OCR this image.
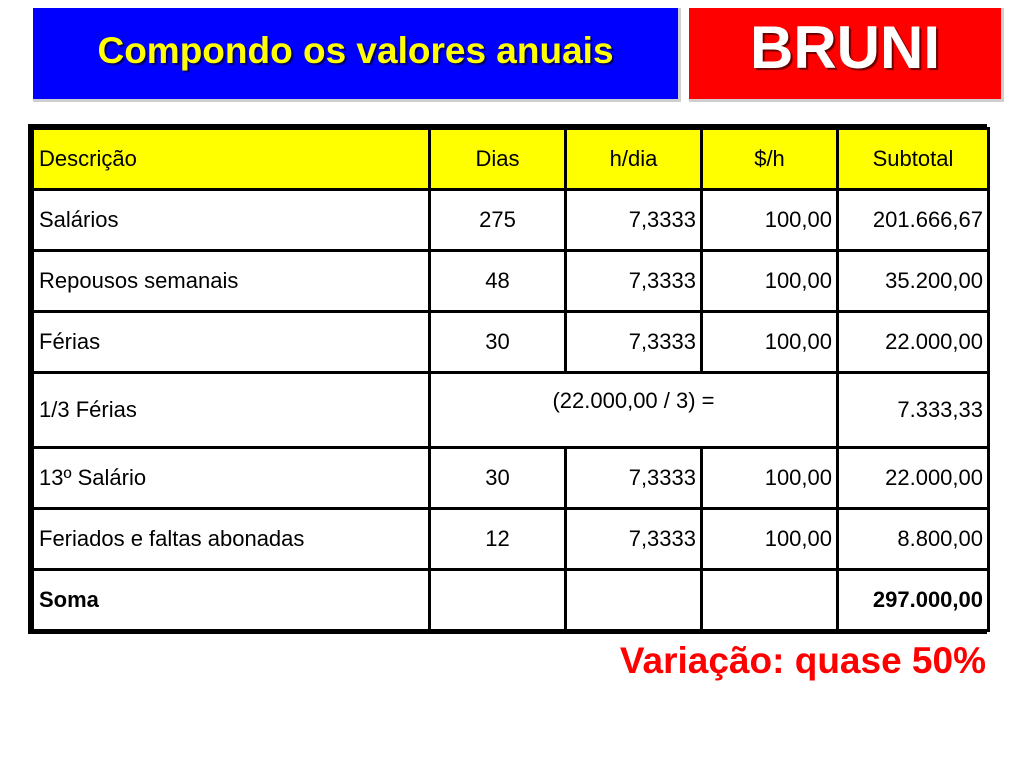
Compondo os valores anuais BRUNI
Descrição	Dias	h/dia	$/h	Subtotal
Salários	275	7,3333	100,00	201.666,67
Repousos semanais	48	7,3333	100,00	35.200,00
Férias	30	7,3333	100,00	22.000,00
1/3 Férias	(22.000,00 / 3) =			7.333,33
13º Salário	30	7,3333	100,00	22.000,00
Feriados e faltas abonadas	12	7,3333	100,00	8.800,00
Soma				297.000,00
Variação: quase 50%
